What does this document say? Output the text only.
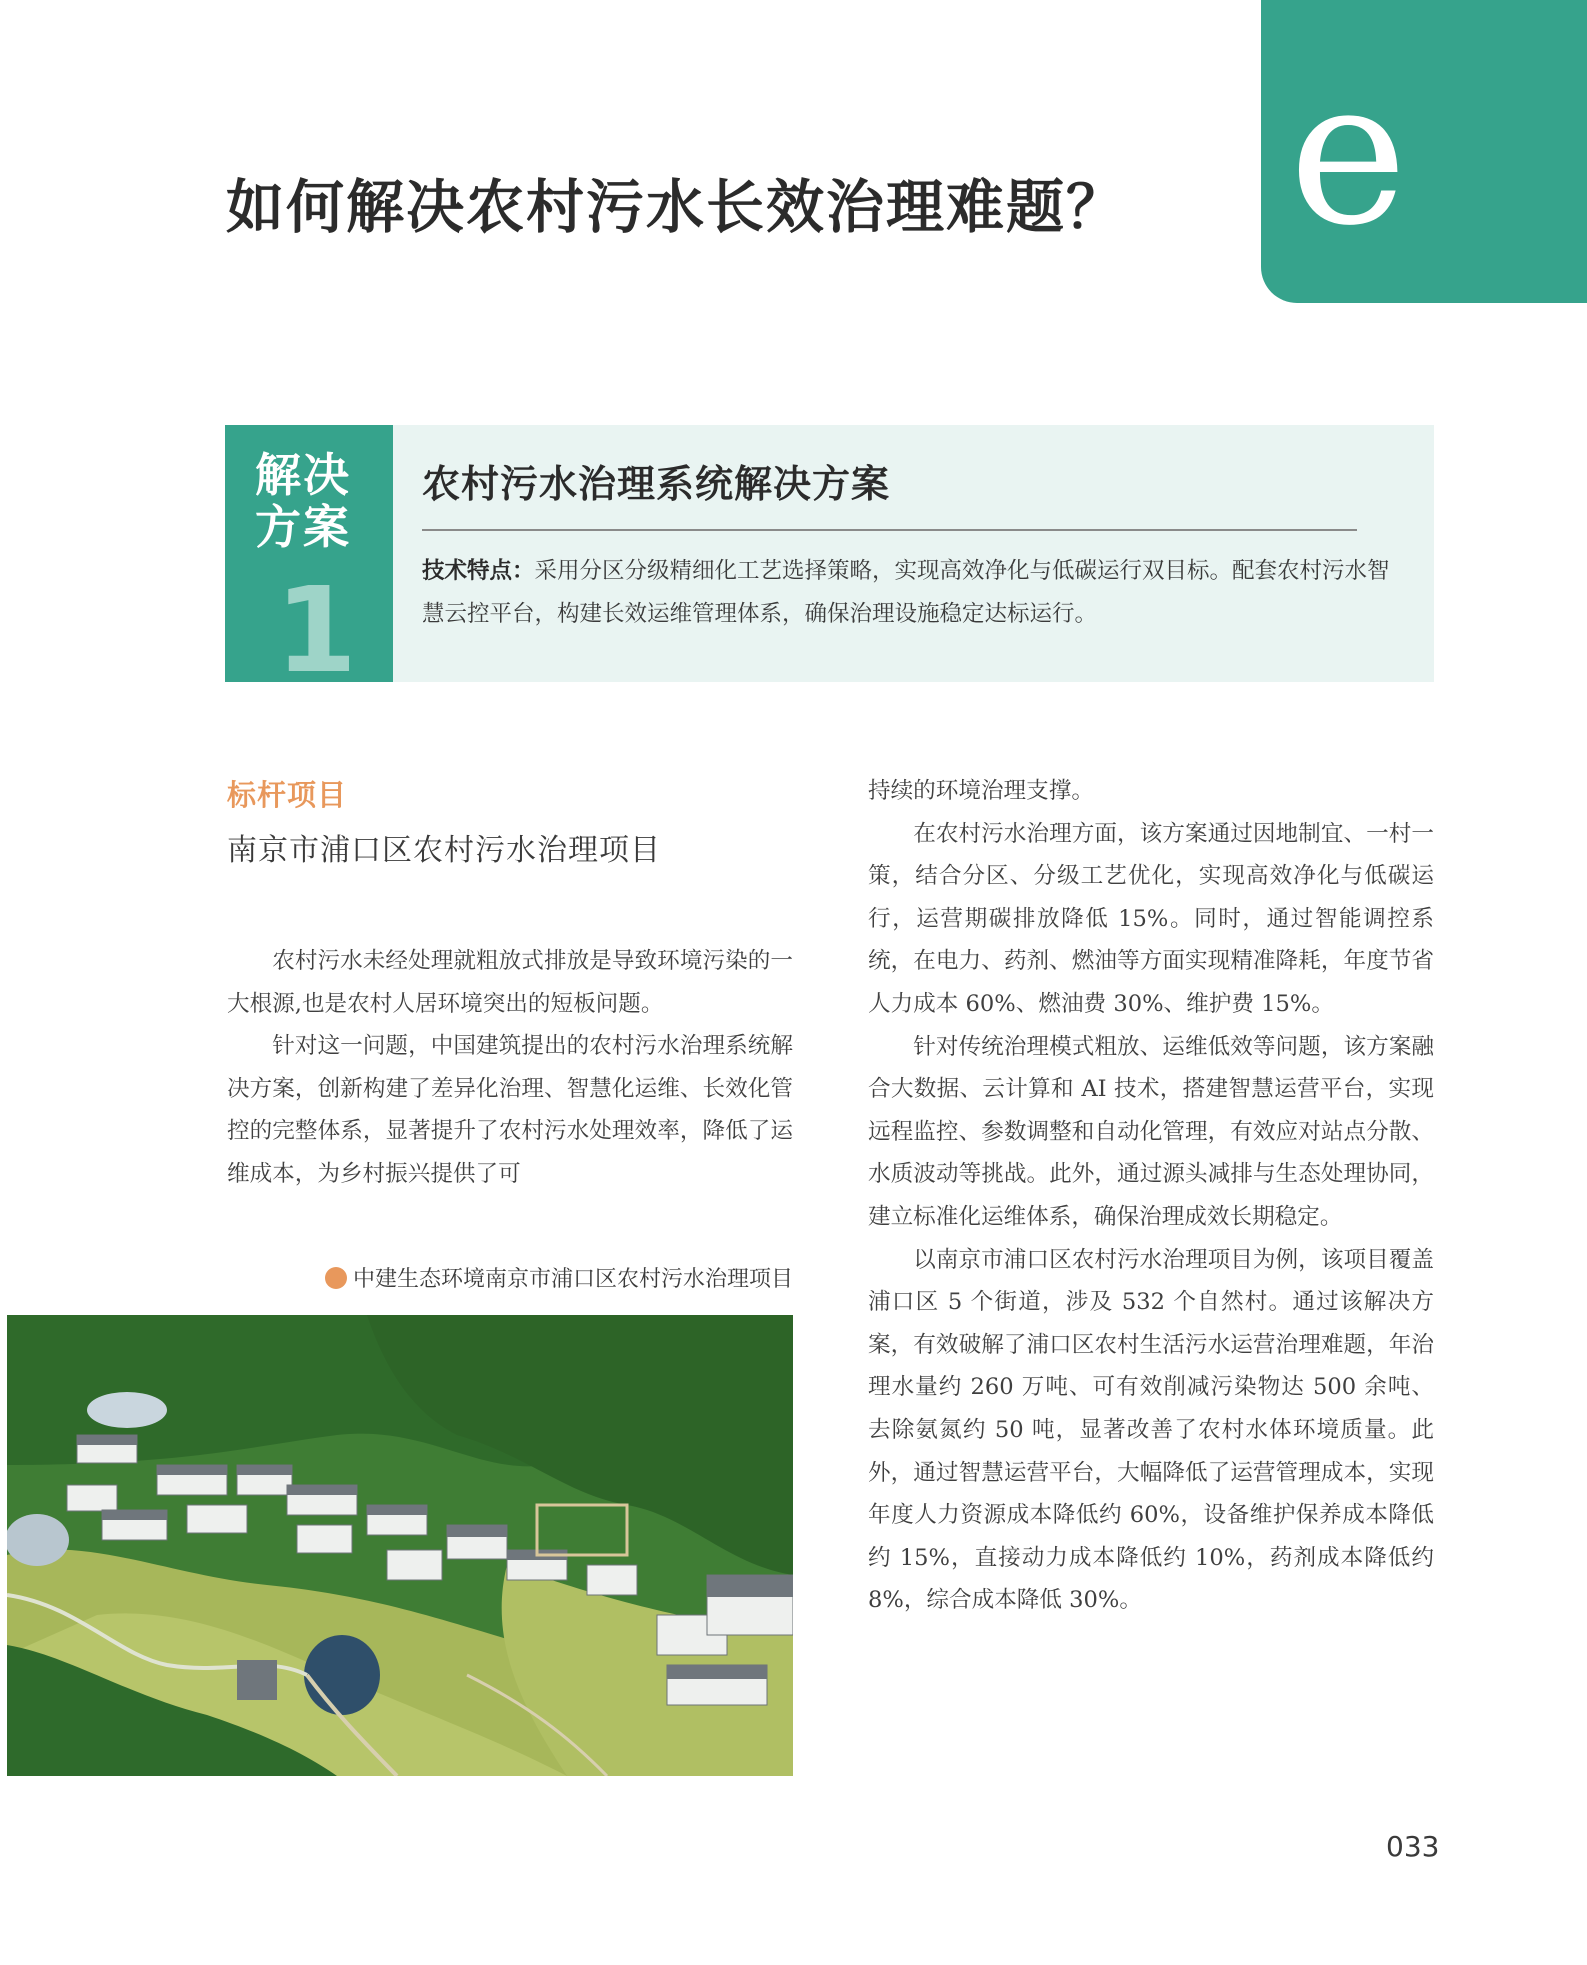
e
如何解决农村污水长效治理难题？
解决
方案
1
农村污水治理系统解决方案
技术特点：采用分区分级精细化工艺选择策略，实现高效净化与低碳运行双目标。配套农村污水智慧云控平台，构建长效运维管理体系，确保治理设施稳定达标运行。
标杆项目
南京市浦口区农村污水治理项目

农村污水未经处理就粗放式排放是导致环境污染的一大根源,也是农村人居环境突出的短板问题。

针对这一问题，中国建筑提出的农村污水治理系统解决方案，创新构建了差异化治理、智慧化运维、长效化管控的完整体系，显著提升了农村污水处理效率，降低了运维成本，为乡村振兴提供了可

中建生态环境南京市浦口区农村污水治理项目

持续的环境治理支撑。

在农村污水治理方面，该方案通过因地制宜、一村一策，结合分区、分级工艺优化，实现高效净化与低碳运行，运营期碳排放降低 15%。同时，通过智能调控系统，在电力、药剂、燃油等方面实现精准降耗，年度节省人力成本 60%、燃油费 30%、维护费 15%。

针对传统治理模式粗放、运维低效等问题，该方案融合大数据、云计算和 AI 技术，搭建智慧运营平台，实现远程监控、参数调整和自动化管理，有效应对站点分散、水质波动等挑战。此外，通过源头减排与生态处理协同，建立标准化运维体系，确保治理成效长期稳定。

以南京市浦口区农村污水治理项目为例，该项目覆盖浦口区 5 个街道，涉及 532 个自然村。通过该解决方案，有效破解了浦口区农村生活污水运营治理难题，年治理水量约 260 万吨、可有效削减污染物达 500 余吨、去除氨氮约 50 吨，显著改善了农村水体环境质量。此外，通过智慧运营平台，大幅降低了运营管理成本，实现年度人力资源成本降低约 60%，设备维护保养成本降低约 15%，直接动力成本降低约 10%，药剂成本降低约 8%，综合成本降低 30%。

033
